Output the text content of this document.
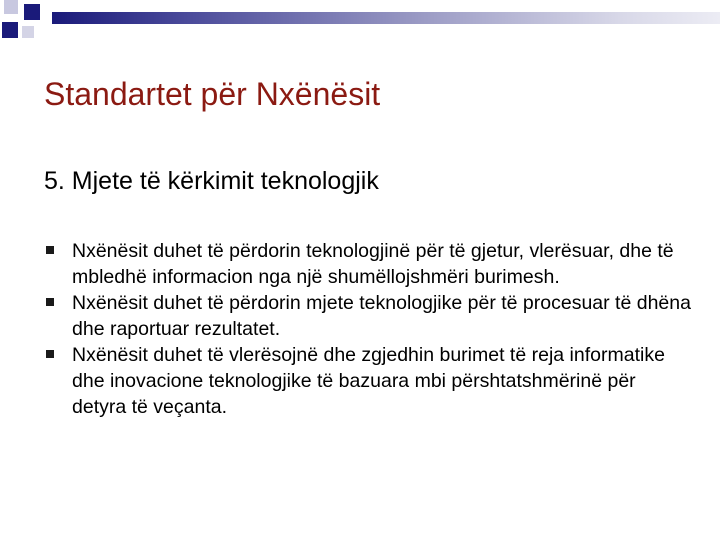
Standartet për Nxënësit
5. Mjete të kërkimit teknologjik
Nxënësit duhet të përdorin teknologjinë për të gjetur, vlerësuar, dhe të mbledhë informacion nga një shumëllojshmëri burimesh.
Nxënësit duhet të përdorin mjete teknologjike për të procesuar të dhëna dhe raportuar rezultatet.
Nxënësit duhet të vlerësojnë dhe zgjedhin burimet të reja informatike dhe inovacione teknologjike të bazuara mbi përshtatshmërinë për detyra të veçanta.
